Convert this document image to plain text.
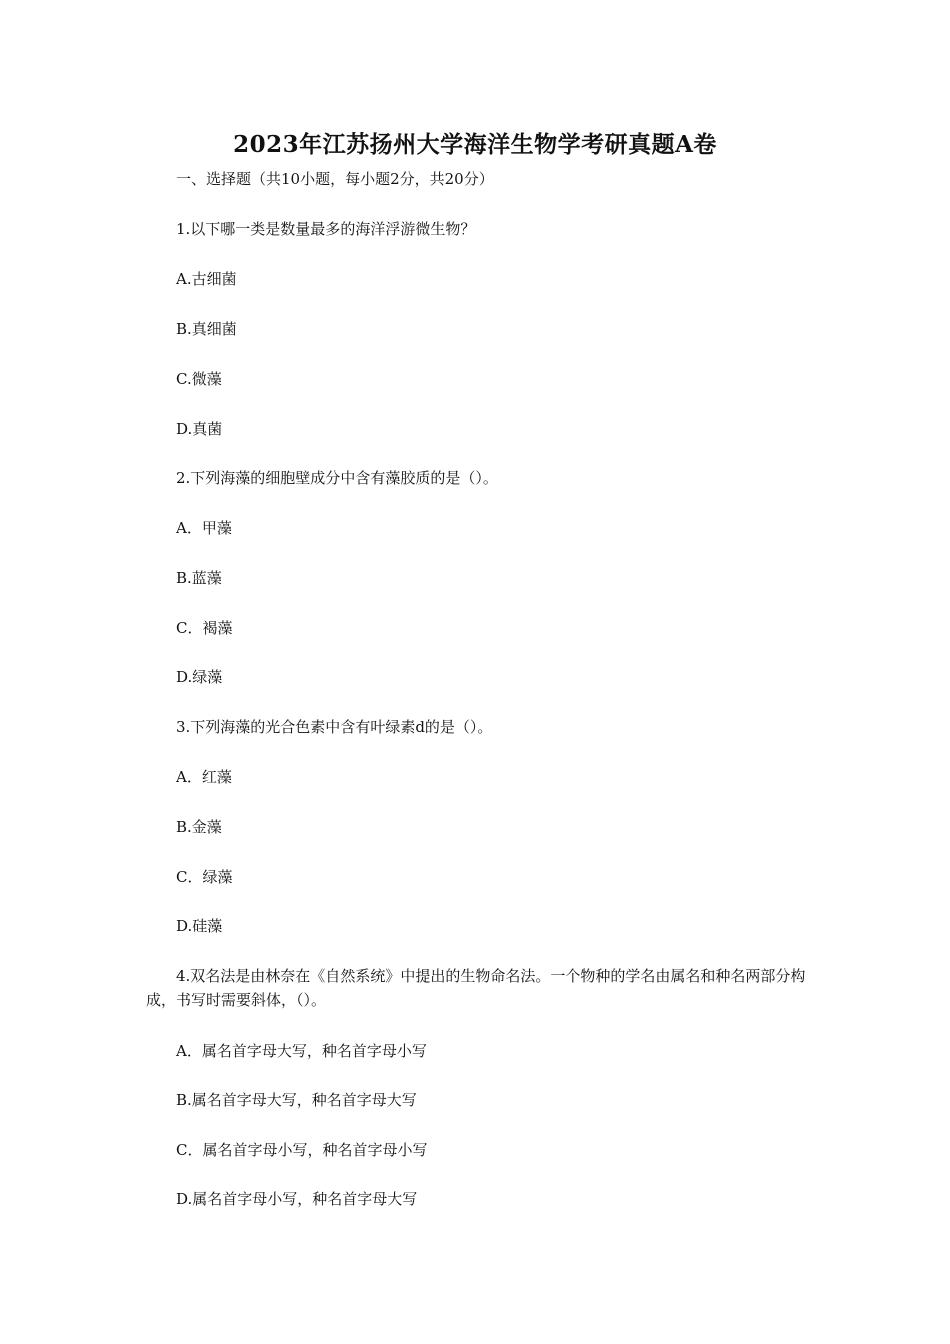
2023年江苏扬州大学海洋生物学考研真题A卷
一、选择题（共10小题，每小题2分，共20分）
1.以下哪一类是数量最多的海洋浮游微生物？
A.古细菌
B.真细菌
C.微藻
D.真菌
2.下列海藻的细胞壁成分中含有藻胶质的是（）。
A．甲藻
B.蓝藻
C．褐藻
D.绿藻
3.下列海藻的光合色素中含有叶绿素d的是（）。
A．红藻
B.金藻
C．绿藻
D.硅藻
4.双名法是由林奈在《自然系统》中提出的生物命名法。一个物种的学名由属名和种名两部分构成，书写时需要斜体，（）。
A．属名首字母大写，种名首字母小写
B.属名首字母大写，种名首字母大写
C．属名首字母小写，种名首字母小写
D.属名首字母小写，种名首字母大写
